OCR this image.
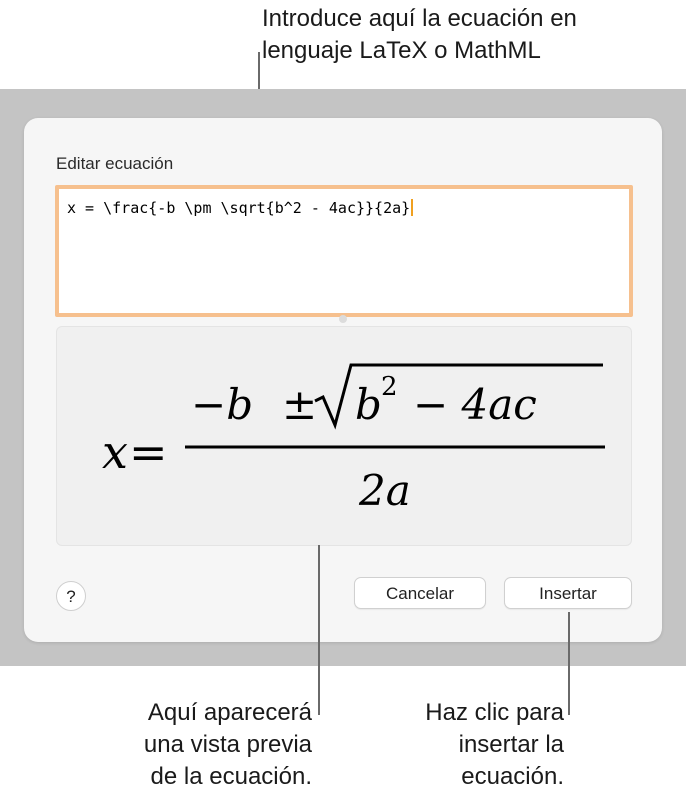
Introduce aquí la ecuación en
lenguaje LaTeX o MathML
Editar ecuación
x = \frac{-b \pm \sqrt{b^2 - 4ac}}{2a}
x =
−b ± b 2 − 4ac
2a
?	Cancelar	Insertar
Aquí aparecerá
una vista previa
de la ecuación.
Haz clic para
insertar la
ecuación.
